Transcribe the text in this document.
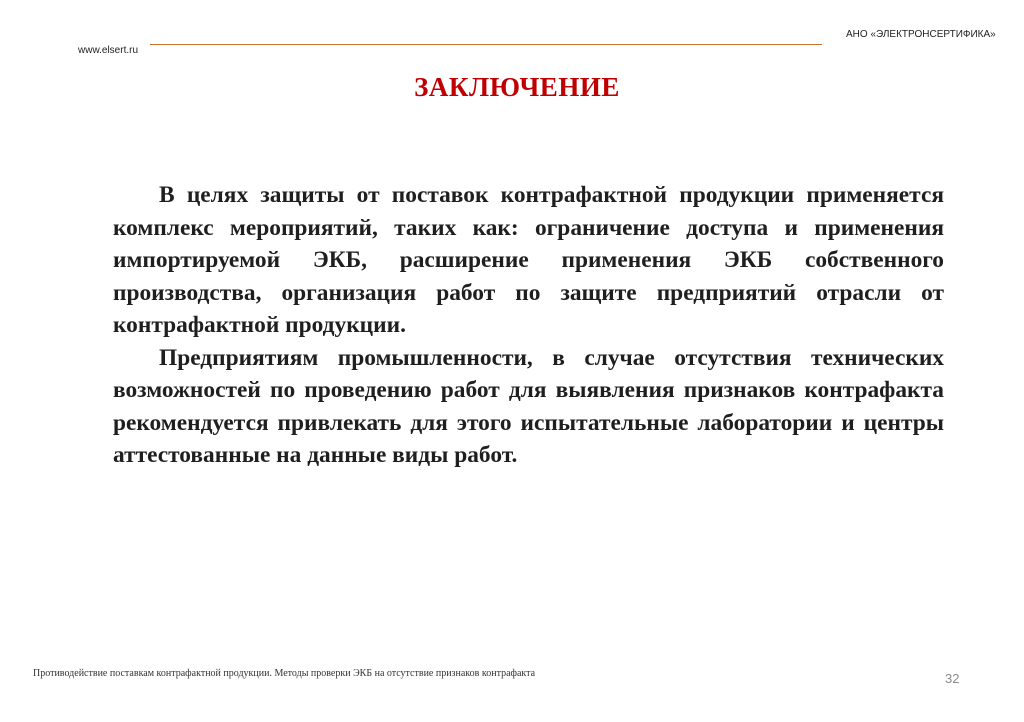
АНО «ЭЛЕКТРОНСЕРТИФИКА»
www.elsert.ru
ЗАКЛЮЧЕНИЕ

В целях защиты от поставок контрафактной продукции применяется комплекс мероприятий, таких как: ограничение доступа и применения импортируемой ЭКБ, расширение применения ЭКБ собственного производства, организация работ по защите предприятий отрасли от контрафактной продукции.

Предприятиям промышленности, в случае отсутствия технических возможностей по проведению работ для выявления признаков контрафакта рекомендуется привлекать для этого испытательные лаборатории и центры аттестованные на данные виды работ.

Противодействие поставкам контрафактной продукции. Методы проверки ЭКБ на отсутствие признаков контрафакта	32
